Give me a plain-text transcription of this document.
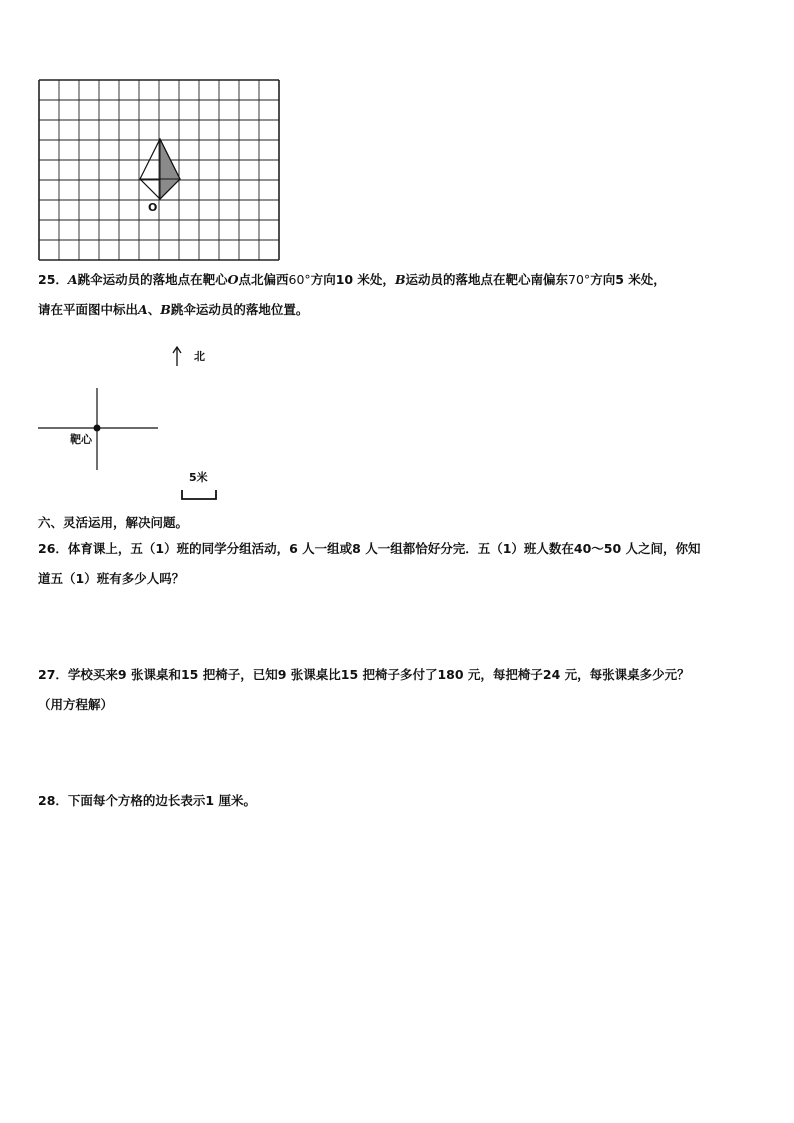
O
25．A跳伞运动员的落地点在靶心O点北偏西60°方向10 米处，B运动员的落地点在靶心南偏东70°方向5 米处，
请在平面图中标出A、B跳伞运动员的落地位置。
北
靶心
5米
六、灵活运用，解决问题。
26．体育课上，五（1）班的同学分组活动，6 人一组或8 人一组都恰好分完．五（1）班人数在40～50 人之间，你知
道五（1）班有多少人吗？
27．学校买来9 张课桌和15 把椅子，已知9 张课桌比15 把椅子多付了180 元，每把椅子24 元，每张课桌多少元？
（用方程解）
28．下面每个方格的边长表示1 厘米。
